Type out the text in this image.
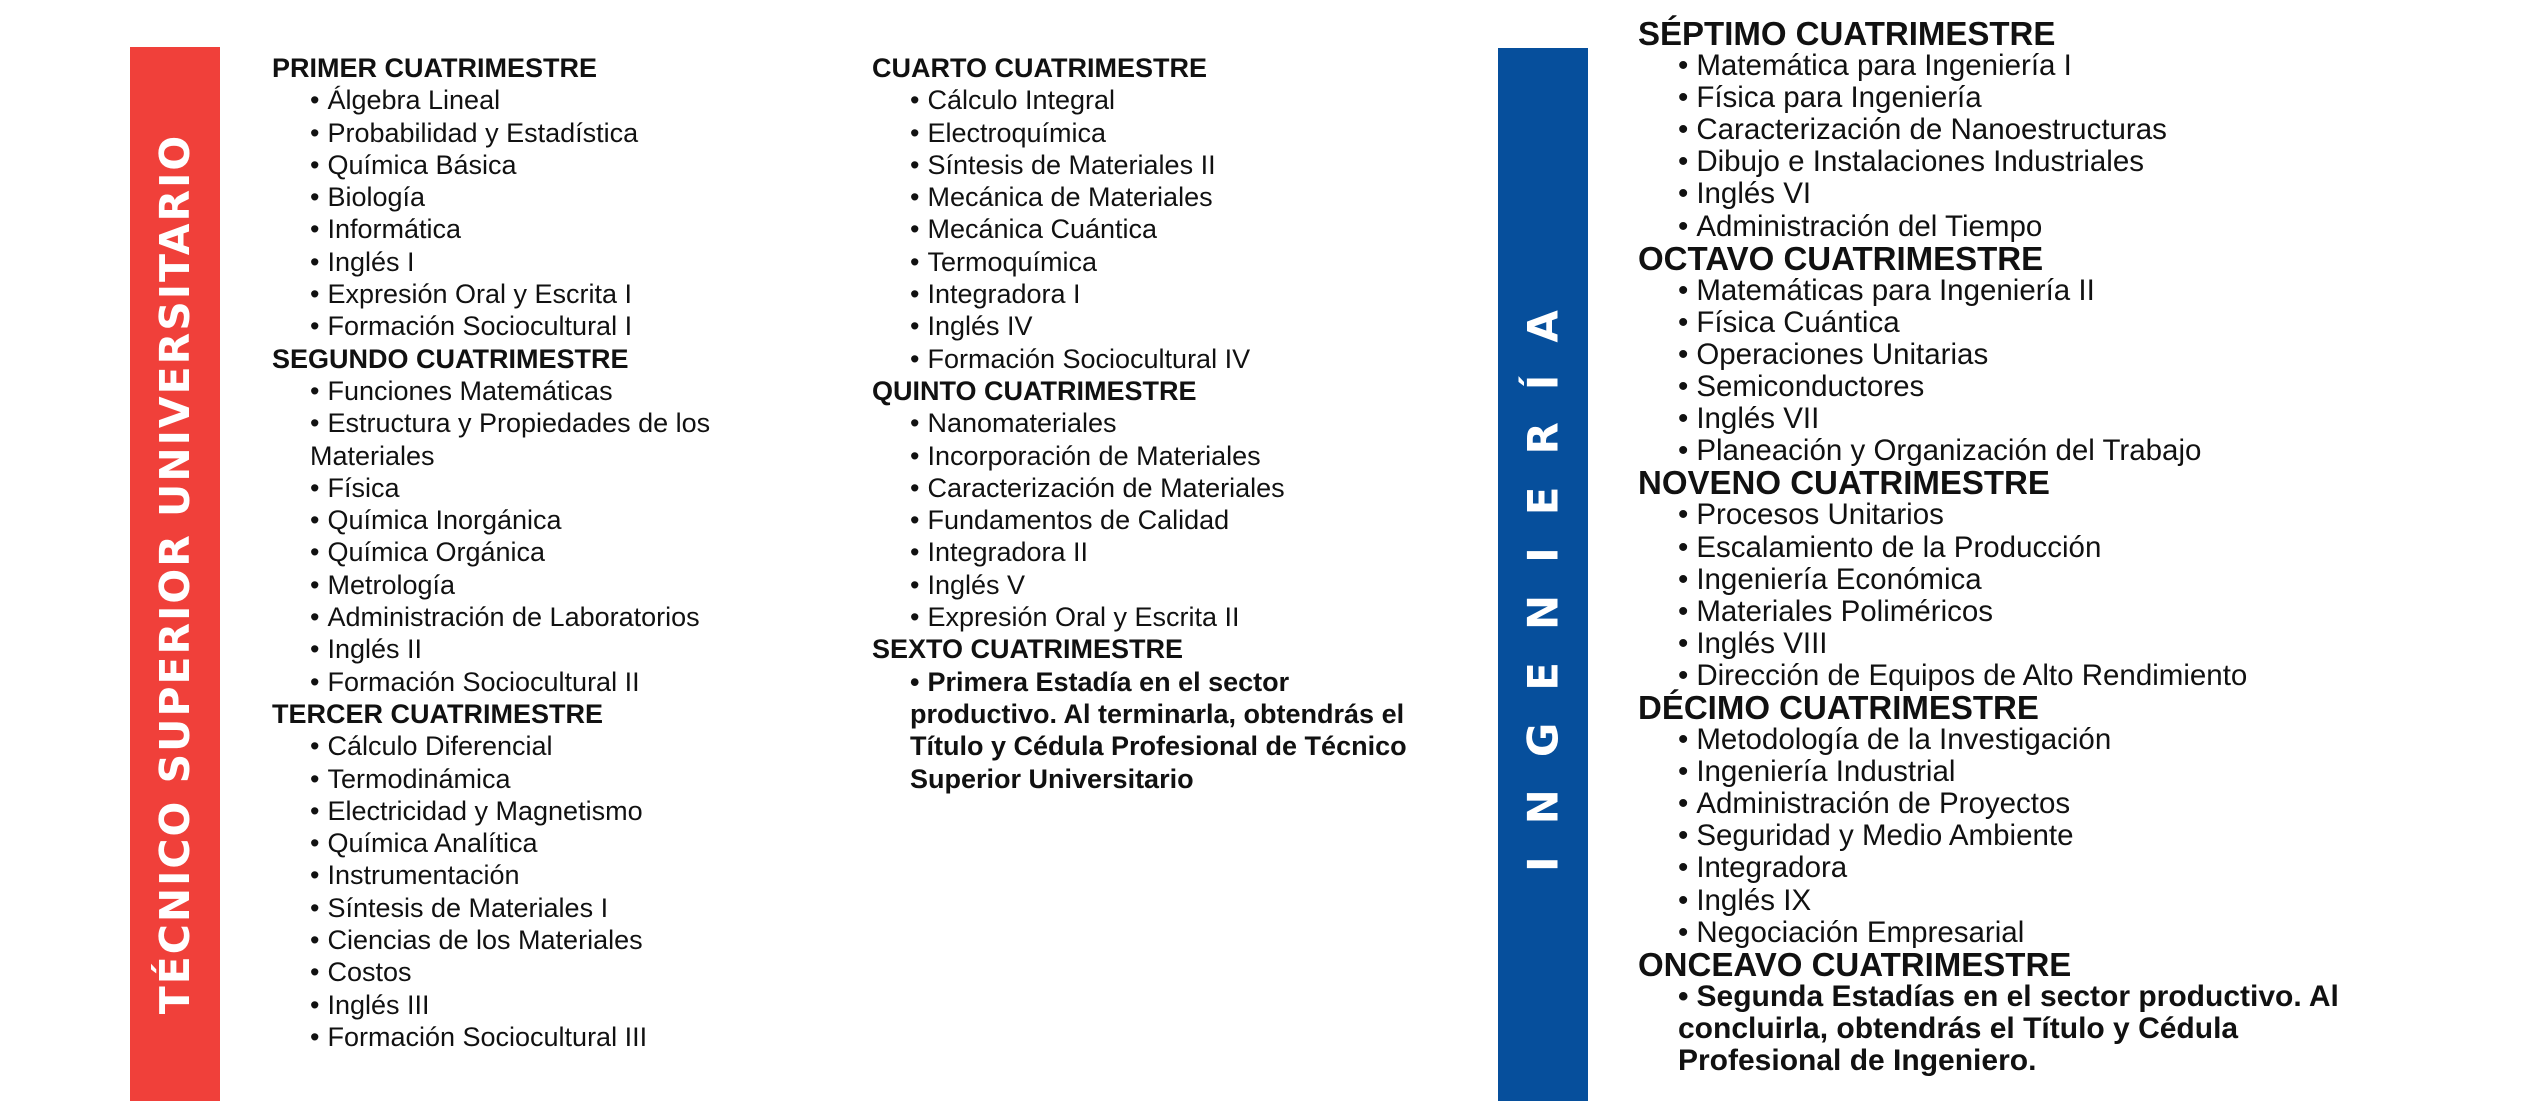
TÉCNICO SUPERIOR UNIVERSITARIO	INGENIERÍA
PRIMER CUATRIMESTRE
• Álgebra Lineal
• Probabilidad y Estadística
• Química Básica
• Biología
• Informática
• Inglés I
• Expresión Oral y Escrita I
• Formación Sociocultural I
SEGUNDO CUATRIMESTRE
• Funciones Matemáticas
• Estructura y Propiedades de los Materiales
• Física
• Química Inorgánica
• Química Orgánica
• Metrología
• Administración de Laboratorios
• Inglés II
• Formación Sociocultural II
TERCER CUATRIMESTRE
• Cálculo Diferencial
• Termodinámica
• Electricidad y Magnetismo
• Química Analítica
• Instrumentación
• Síntesis de Materiales I
• Ciencias de los Materiales
• Costos
• Inglés III
• Formación Sociocultural III
CUARTO CUATRIMESTRE
• Cálculo Integral
• Electroquímica
• Síntesis de Materiales II
• Mecánica de Materiales
• Mecánica Cuántica
• Termoquímica
• Integradora I
• Inglés IV
• Formación Sociocultural IV
QUINTO CUATRIMESTRE
• Nanomateriales
• Incorporación de Materiales
• Caracterización de Materiales
• Fundamentos de Calidad
• Integradora II
• Inglés V
• Expresión Oral y Escrita II
SEXTO CUATRIMESTRE
• Primera Estadía en el sector productivo. Al terminarla, obtendrás el Título y Cédula Profesional de Técnico Superior Universitario
SÉPTIMO CUATRIMESTRE
• Matemática para Ingeniería I
• Física para Ingeniería
• Caracterización de Nanoestructuras
• Dibujo e Instalaciones Industriales
• Inglés VI
• Administración del Tiempo
OCTAVO CUATRIMESTRE
• Matemáticas para Ingeniería II
• Física Cuántica
• Operaciones Unitarias
• Semiconductores
• Inglés VII
• Planeación y Organización del Trabajo
NOVENO CUATRIMESTRE
• Procesos Unitarios
• Escalamiento de la Producción
• Ingeniería Económica
• Materiales Poliméricos
• Inglés VIII
• Dirección de Equipos de Alto Rendimiento
DÉCIMO CUATRIMESTRE
• Metodología de la Investigación
• Ingeniería Industrial
• Administración de Proyectos
• Seguridad y Medio Ambiente
• Integradora
• Inglés IX
• Negociación Empresarial
ONCEAVO CUATRIMESTRE
• Segunda Estadías en el sector productivo. Al concluirla, obtendrás el Título y Cédula Profesional de Ingeniero.
